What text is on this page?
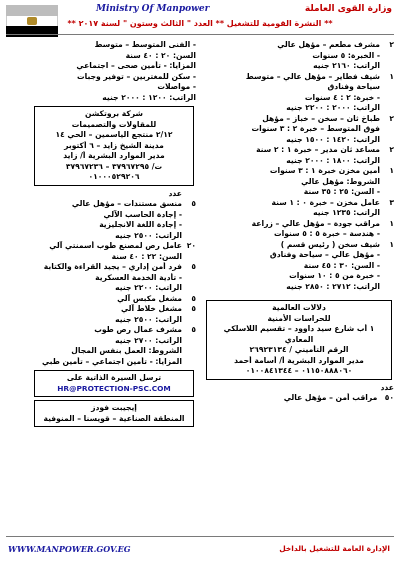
Ministry Of Manpower	وزارة القوى العاملة
** النشرة القومية للتشغيل ** العدد " الثالث وستون " لسنة ٢٠١٧ **
٢مشرف مطعم – مؤهل عالي
- الخبرة: ٥ سنوات
الراتب: ٢١٦٠ جنيه
١شيف فطاير – مؤهل عالي – متوسط
سياحة وفنادق
- خبرة: ٢ : ٤ سنوات
الراتب: ٢٠٠٠ : ٢٢٠٠ جنيه
٢طباخ ثان – سخن – خباز – مؤهل
فوق المتوسط – خبرة ٢ : ٣ سنوات
الراتب: ١٤٢٠ : ١٥٠٠ جنيه
٢مساعد ثان مدير – خبرة ١ : ٢ سنة
الراتب: ١٨٠٠ : ٢٠٠٠ جنيه
١أمين مخزن خبرة ١ : ٣ سنوات
الشروط: مؤهل عالي
- السن: ٢٥ : ٣٥ سنة
٣عامل مخزن – خبرة ٠ : ١ سنة
الراتب: ١٢٣٥ جنيه
١مراقب جودة – مؤهل عالي – زراعة
- هندسة – خبرة ٥ : ٥ سنوات
١شيف سخن ( رئيس قسم )
- مؤهل عالي – سياحة وفنادق
- السن: ٣٠ : ٤٥ سنة
- خبرة من ٥ : ١٠ سنوات
الراتب: ٢٧١٢ : ٢٨٥٠ جنيه
دلالات العالمية
للحراسات الأمنية
١ أب شارع سيد داوود – تقسيم اللاسلكي
المعادي
الرقم التأميني / ٢٦٩٢٣١٣٤
مدير الموارد البشرية أ/ أسامة أحمد
٠١١٥٠٨٨٨٠٦٠ – ٠١٠٠٨٤١٣٤٤
عدد
٥٠ مراقب أمن – مؤهل عالي
- الفنى المتوسط – متوسط
السن: ٢٠ : ٤٠ سنة
المزايا: - تأمين صحى – اجتماعي
- سكن للمغتربين – توفير وجبات
- مواصلات
الراتب: ١٢٠٠ : ٢٠٠٠ جنيه
شركة بروتكشن
للمقاولات والتصميمات
٢/١٢ منتجع الياسمين – الحي ١٤
مدينة الشيخ زايد – ٦ أكتوبر
مدير الموارد البشرية أ/ زايد
ت/ ٣٧٩٦٧٢٩٥ – ٣٧٩٦٧٢٣٦
٠١٠٠٠٥٢٩٢٠٦
عدد
٥منسق مستندات – مؤهل عالي
- إجادة الحاسب الآلي
- إجادة اللغة الانجليزية
الراتب: ٢٥٠٠ جنيه
٢٠عامل رص لمصنع طوب أسمنتي آلي
السن: ٢٢ : ٤٠ سنة
٥فرد أمن إداري – يجيد القراءة والكتابة
- تأدية الخدمة العسكرية
الراتب: ٢٢٠٠ جنيه
٥مشغل مكبس آلي
٥مشغل خلاط آلي
الراتب: ٢٥٠٠ جنيه
٥مشرف عمال رص طوب
الراتب: ٢٧٠٠ جنيه
الشروط: العمل بنفس المجال
المزايا: - تأمين اجتماعي – تأمين طبي
ترسل السيرة الذاتية على
HR@PROTECTION-PSC.COM
إيجيبت فودز
المنطقة الصناعية – قويسنا – المنوفية
WWW.MANPOWER.GOV.EG	الإدارة العامة للتشغيل بالداخل
